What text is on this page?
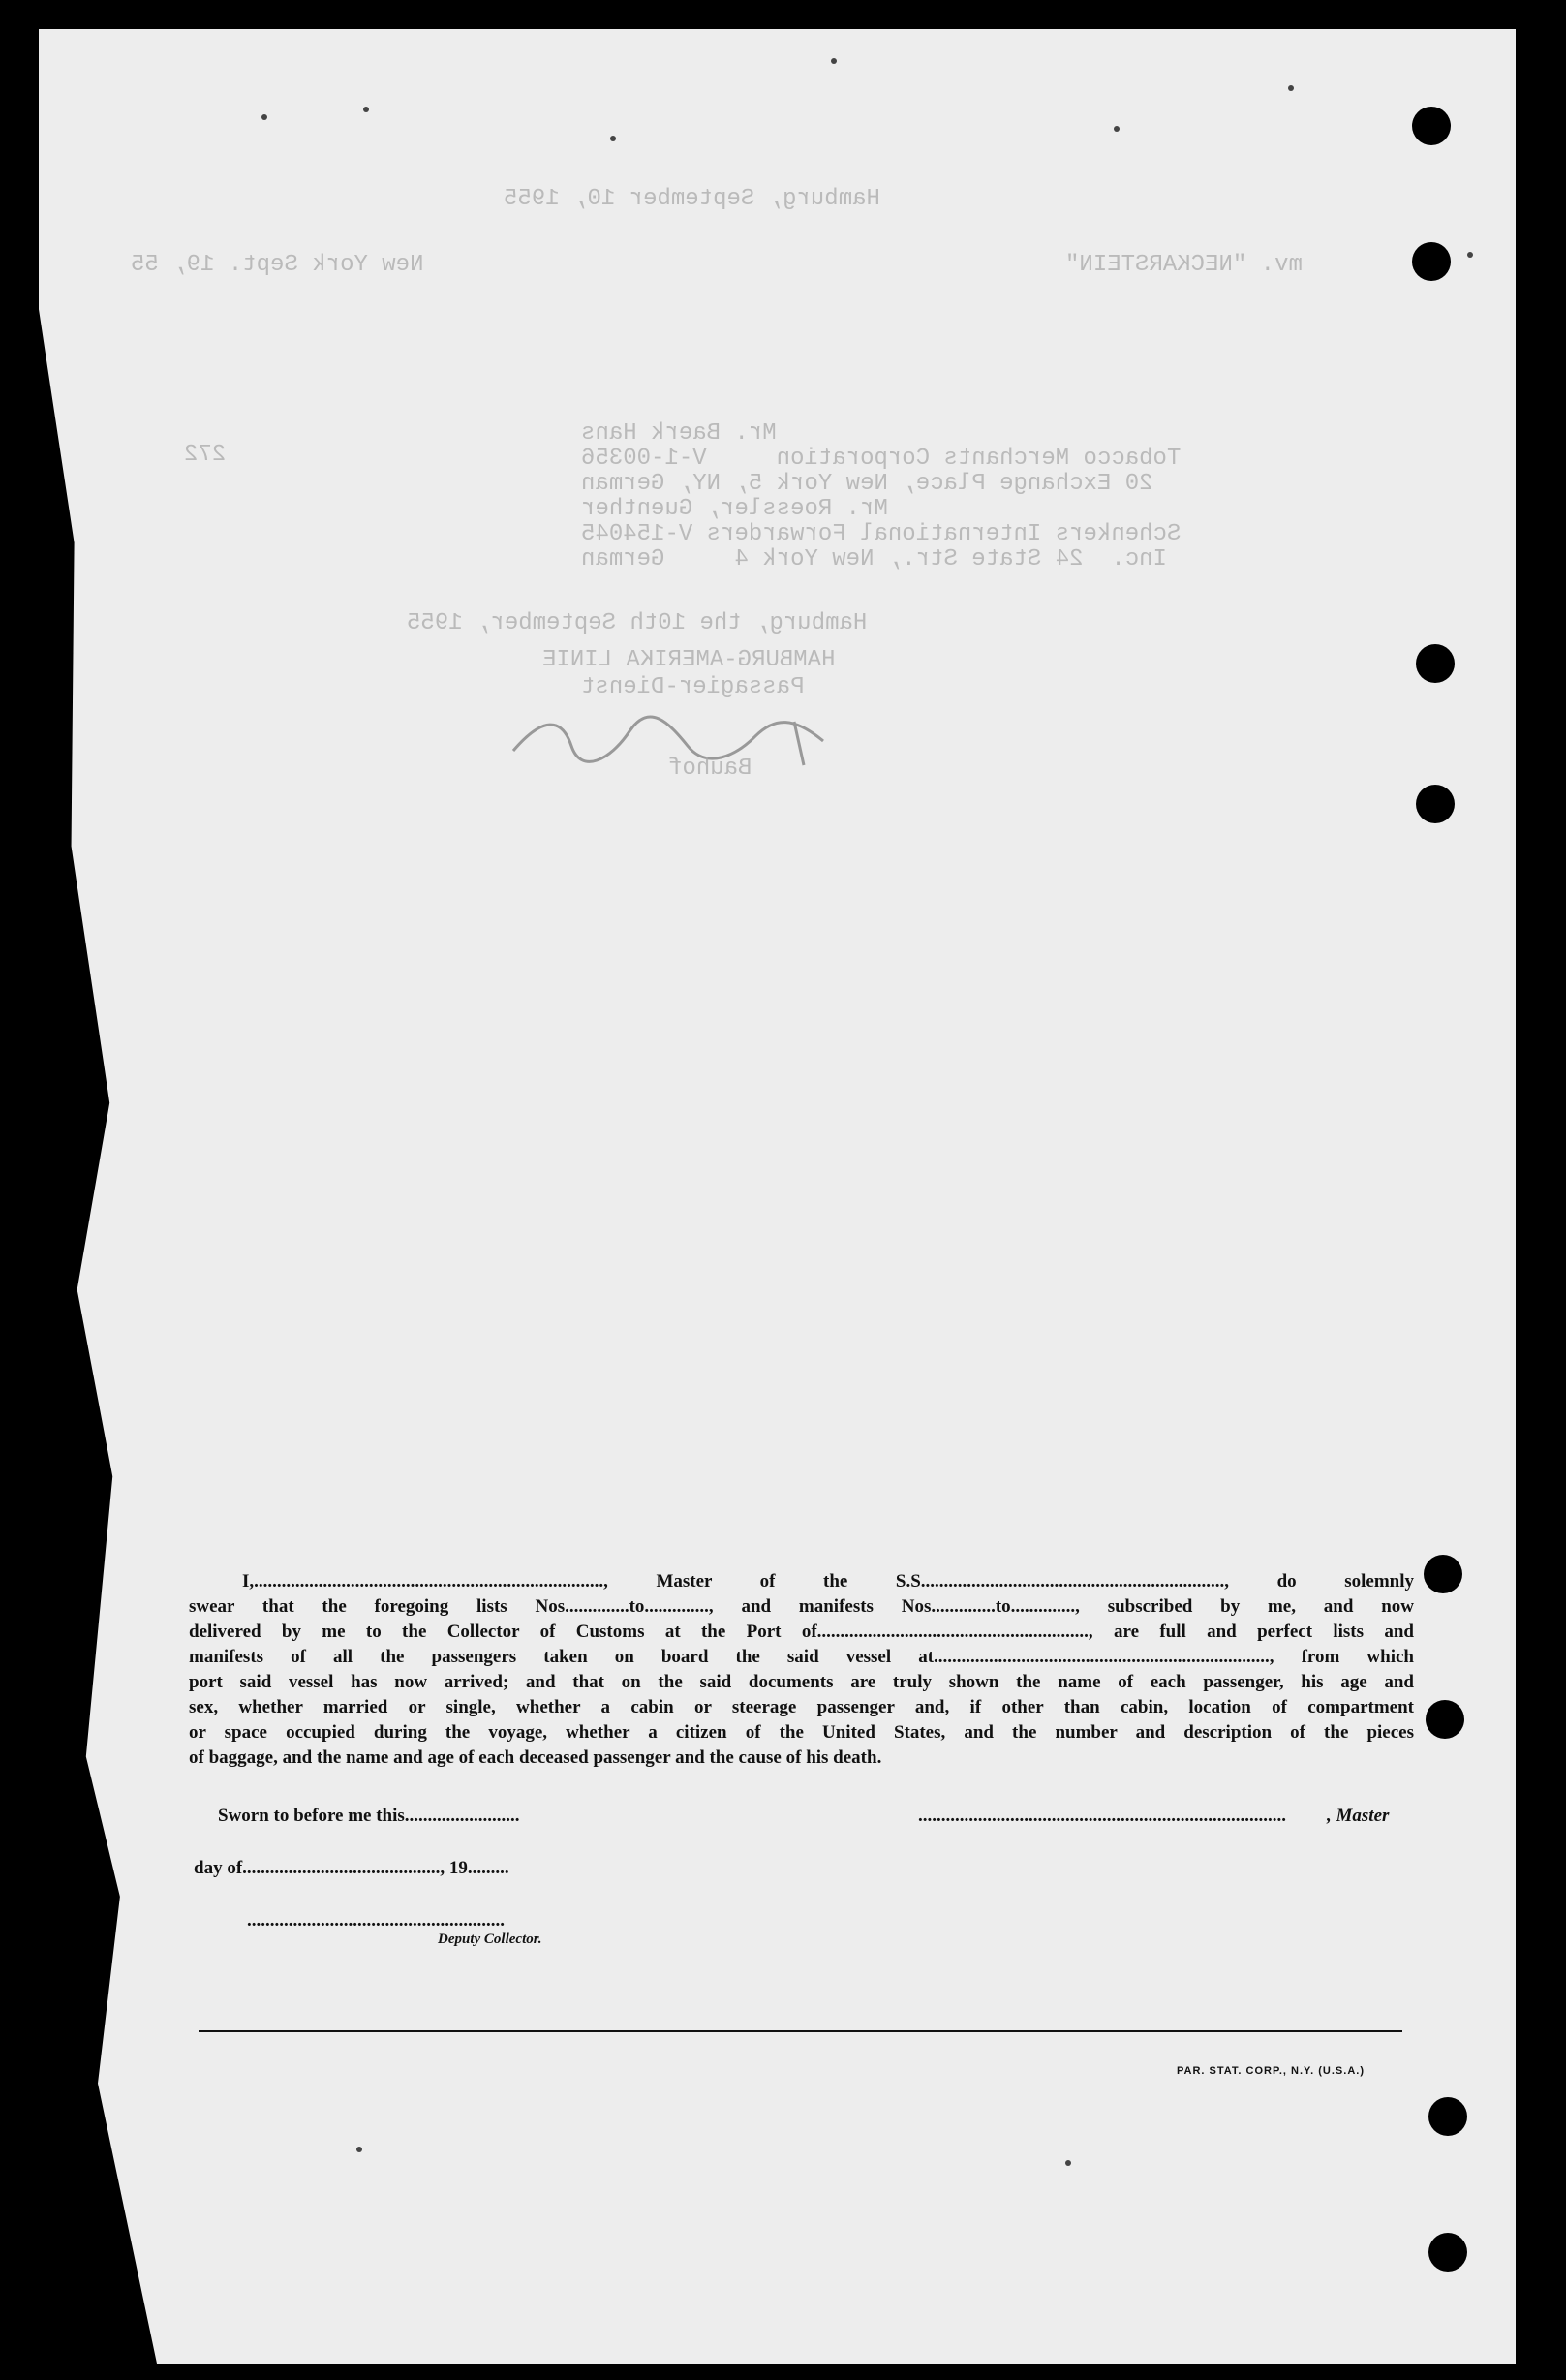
Hamburg, September 10, 1955
mv. "NECKARSTEIN"
New York Sept. 19, 55
272
Mr. Baerk Hans
Tobacco Merchants Corporation     V-1-00356
20 Exchange Place, New York 5, NY, German
Mr. Roessler, Guenther
Schenkers International Forwarders V-154045
Inc.  24 State Str., New York 4     German
Hamburg, the 10th September, 1955
HAMBURG-AMERIKA LINIE
Passagier-Dienst
Bauhof
I,............................................................................, Master of the S.S.................................................................., do solemnly
swear that the foregoing lists Nos..............to.............., and manifests Nos..............to.............., subscribed by me, and now
delivered by me to the Collector of Customs at the Port of..........................................................., are full and perfect lists and
manifests of all the passengers taken on board the said vessel at........................................................................., from which
port said vessel has now arrived; and that on the said documents are truly shown the name of each passenger, his age and
sex, whether married or single, whether a cabin or steerage passenger and, if other than cabin, location of compartment
or space occupied during the voyage, whether a citizen of the United States, and the number and description of the pieces
of baggage, and the name and age of each deceased passenger and the cause of his death.
Sworn to before me this.........................	................................................................................ , Master
day of..........................................., 19.........
........................................................
Deputy Collector.
PAR. STAT. CORP., N.Y. (U.S.A.)
